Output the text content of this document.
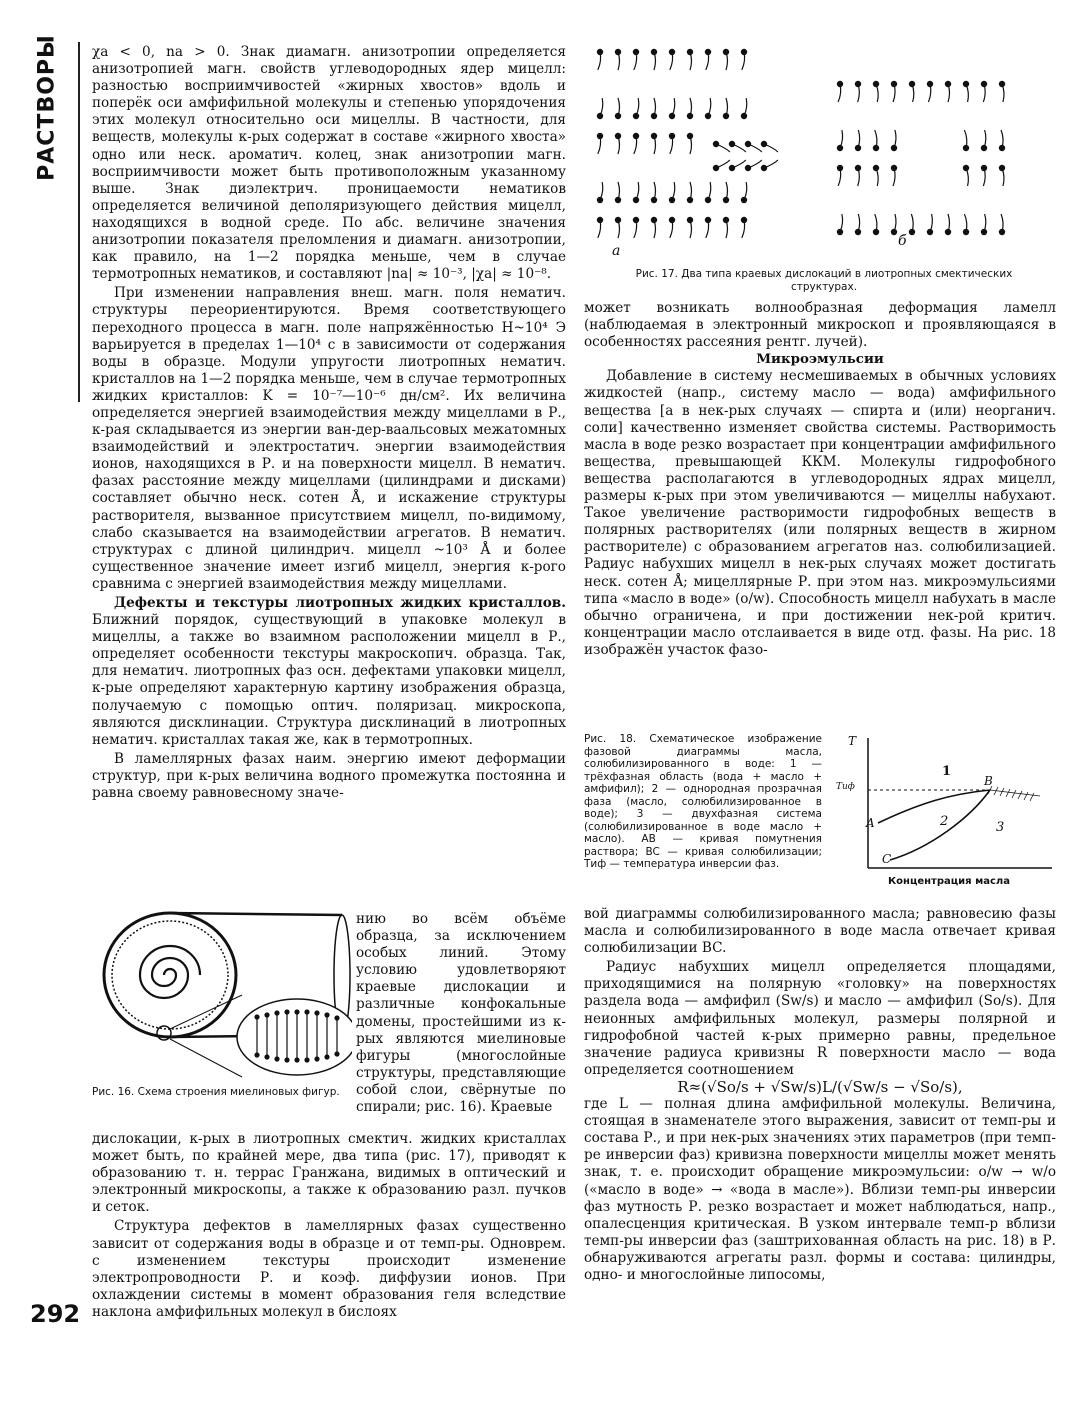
РАСТВОРЫ
292

χa < 0, na > 0. Знак диамагн. анизотропии определяется анизотропией магн. свойств углеводородных ядер мицелл: разностью восприимчивостей «жирных хвостов» вдоль и поперёк оси амфифильной молекулы и степенью упорядочения этих молекул относительно оси мицеллы. В частности, для веществ, молекулы к-рых содержат в составе «жирного хвоста» одно или неск. ароматич. колец, знак анизотропии магн. восприимчивости может быть противоположным указанному выше. Знак диэлектрич. проницаемости нематиков определяется величиной деполяризующего действия мицелл, находящихся в водной среде. По абс. величине значения анизотропии показателя преломления и диамагн. анизотропии, как правило, на 1—2 порядка меньше, чем в случае термотропных нематиков, и составляют |na| ≈ 10⁻³, |χa| ≈ 10⁻⁸.

При изменении направления внеш. магн. поля нематич. структуры переориентируются. Время соответствующего переходного процесса в магн. поле напряжённостью H~10⁴ Э варьируется в пределах 1—10⁴ с в зависимости от содержания воды в образце. Модули упругости лиотропных нематич. кристаллов на 1—2 порядка меньше, чем в случае термотропных жидких кристаллов: K = 10⁻⁷—10⁻⁶ дн/см². Их величина определяется энергией взаимодействия между мицеллами в Р., к-рая складывается из энергии ван-дер-ваальсовых межатомных взаимодействий и электростатич. энергии взаимодействия ионов, находящихся в Р. и на поверхности мицелл. В нематич. фазах расстояние между мицеллами (цилиндрами и дисками) составляет обычно неск. сотен Å, и искажение структуры растворителя, вызванное присутствием мицелл, по-видимому, слабо сказывается на взаимодействии агрегатов. В нематич. структурах с длиной цилиндрич. мицелл ~10³ Å и более существенное значение имеет изгиб мицелл, энергия к-рого сравнима с энергией взаимодействия между мицеллами.

Дефекты и текстуры лиотропных жидких кристаллов. Ближний порядок, существующий в упаковке молекул в мицеллы, а также во взаимном расположении мицелл в Р., определяет особенности текстуры макроскопич. образца. Так, для нематич. лиотропных фаз осн. дефектами упаковки мицелл, к-рые определяют характерную картину изображения образца, получаемую с помощью оптич. поляризац. микроскопа, являются дисклинации. Структура дисклинаций в лиотропных нематич. кристаллах такая же, как в термотропных.

В ламеллярных фазах наим. энергию имеют деформации структур, при к-рых величина водного промежутка постоянна и равна своему равновесному значе-

Рис. 16. Схема строения миелиновых фигур.
нию во всём объёме образца, за исключением особых линий. Этому условию удовлетворяют краевые дислокации и различные конфокальные домены, простейшими из к-рых являются миелиновые фигуры (многослойные структуры, представляющие собой слои, свёрнутые по спирали; рис. 16). Краевые

дислокации, к-рых в лиотропных смектич. жидких кристаллах может быть, по крайней мере, два типа (рис. 17), приводят к образованию т. н. террас Гранжана, видимых в оптический и электронный микроскопы, а также к образованию разл. пучков и сеток.

Структура дефектов в ламеллярных фазах существенно зависит от содержания воды в образце и от темп-ры. Одноврем. с изменением текстуры происходит изменение электропроводности Р. и коэф. диффузии ионов. При охлаждении системы в момент образования геля вследствие наклона амфифильных молекул в бислоях

а
б
Рис. 17. Два типа краевых дислокаций в лиотропных смектических структурах.

может возникать волнообразная деформация ламелл (наблюдаемая в электронный микроскоп и проявляющаяся в особенностях рассеяния рентг. лучей).

Микроэмульсии

Добавление в систему несмешиваемых в обычных условиях жидкостей (напр., систему масло — вода) амфифильного вещества [а в нек-рых случаях — спирта и (или) неорганич. соли] качественно изменяет свойства системы. Растворимость масла в воде резко возрастает при концентрации амфифильного вещества, превышающей ККМ. Молекулы гидрофобного вещества располагаются в углеводородных ядрах мицелл, размеры к-рых при этом увеличиваются — мицеллы набухают. Такое увеличение растворимости гидрофобных веществ в полярных растворителях (или полярных веществ в жирном растворителе) с образованием агрегатов наз. солюбилизацией. Радиус набухших мицелл в нек-рых случаях может достигать неск. сотен Å; мицеллярные Р. при этом наз. микроэмульсиями типа «масло в воде» (o/w). Способность мицелл набухать в масле обычно ограничена, и при достижении нек-рой критич. концентрации масло отслаивается в виде отд. фазы. На рис. 18 изображён участок фазо-

Рис. 18. Схематическое изображение фазовой диаграммы масла, солюбилизированного в воде: 1 — трёхфазная область (вода + масло + амфифил); 2 — однородная прозрачная фаза (масло, солюбилизированное в воде); 3 — двухфазная система (солюбилизированное в воде масло + масло). AB — кривая помутнения раствора; BC — кривая солюбилизации; Tиф — температура инверсии фаз.
T
Tиф
1
2	3
A
B
C
Концентрация масла

вой диаграммы солюбилизированного масла; равновесию фазы масла и солюбилизированного в воде масла отвечает кривая солюбилизации BC.

Радиус набухших мицелл определяется площадями, приходящимися на полярную «головку» на поверхностях раздела вода — амфифил (Sw/s) и масло — амфифил (So/s). Для неионных амфифильных молекул, размеры полярной и гидрофобной частей к-рых примерно равны, предельное значение радиуса кривизны R поверхности масло — вода определяется соотношением

R≈(√So/s + √Sw/s)L/(√Sw/s − √So/s),

где L — полная длина амфифильной молекулы. Величина, стоящая в знаменателе этого выражения, зависит от темп-ры и состава Р., и при нек-рых значениях этих параметров (при темп-ре инверсии фаз) кривизна поверхности мицеллы может менять знак, т. е. происходит обращение микроэмульсии: o/w → w/o («масло в воде» → «вода в масле»). Вблизи темп-ры инверсии фаз мутность Р. резко возрастает и может наблюдаться, напр., опалесценция критическая. В узком интервале темп-р вблизи темп-ры инверсии фаз (заштрихованная область на рис. 18) в Р. обнаруживаются агрегаты разл. формы и состава: цилиндры, одно- и многослойные липосомы,
